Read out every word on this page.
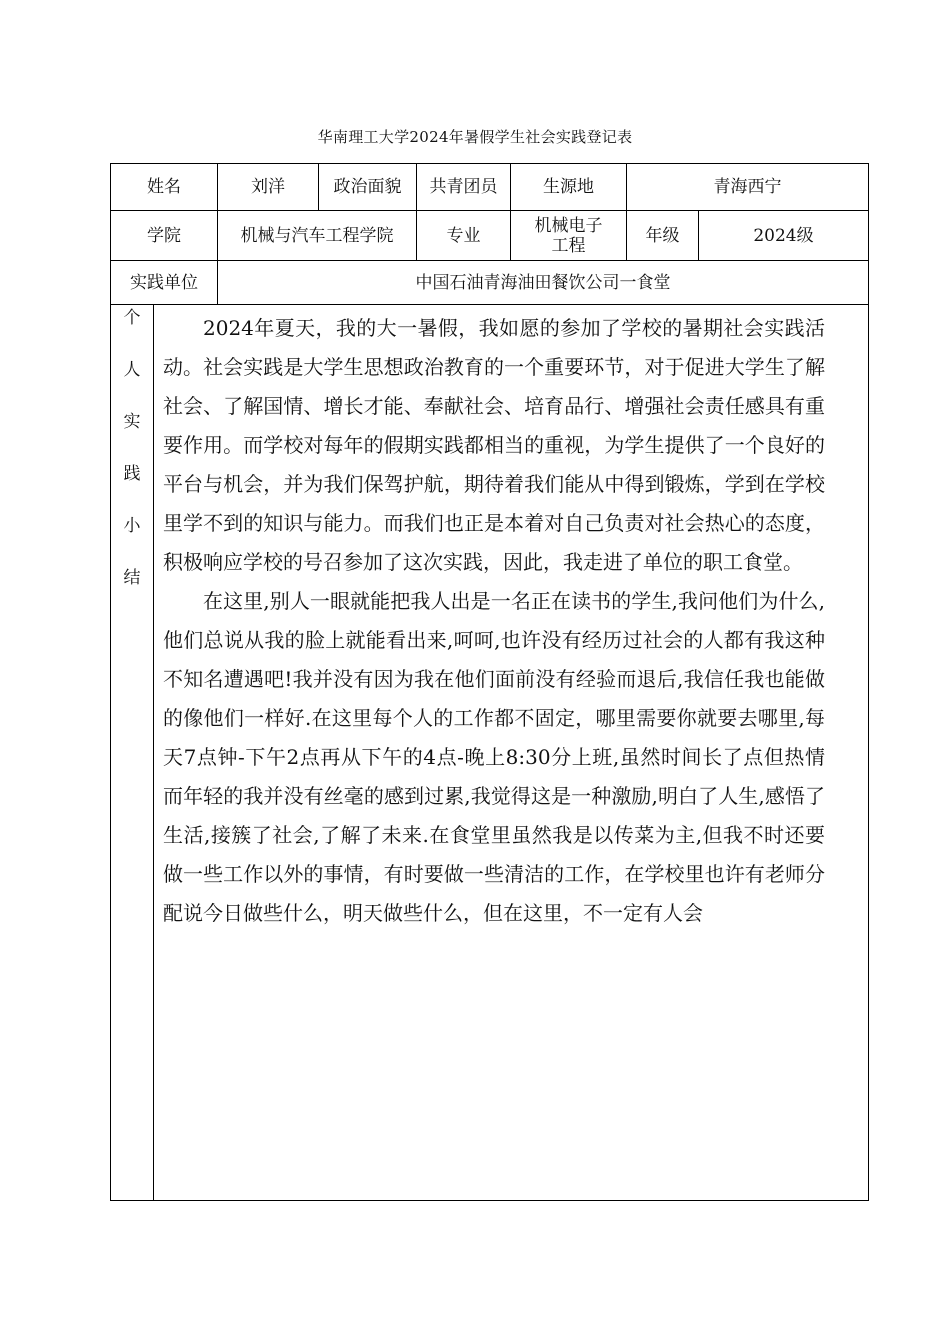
华南理工大学2024年暑假学生社会实践登记表
姓名	刘洋	政治面貌	共青团员	生源地	青海西宁
学院	机械与汽车工程学院	专业	机械电子工程	年级	2024级
实践单位	中国石油青海油田餐饮公司一食堂
个
人
实
践
小
结

2024年夏天，我的大一暑假，我如愿的参加了学校的暑期社会实践活动。社会实践是大学生思想政治教育的一个重要环节，对于促进大学生了解社会、了解国情、增长才能、奉献社会、培育品行、增强社会责任感具有重要作用。而学校对每年的假期实践都相当的重视，为学生提供了一个良好的平台与机会，并为我们保驾护航，期待着我们能从中得到锻炼，学到在学校里学不到的知识与能力。而我们也正是本着对自己负责对社会热心的态度，积极响应学校的号召参加了这次实践，因此，我走进了单位的职工食堂。

在这里,别人一眼就能把我人出是一名正在读书的学生,我问他们为什么,他们总说从我的脸上就能看出来,呵呵,也许没有经历过社会的人都有我这种不知名遭遇吧!我并没有因为我在他们面前没有经验而退后,我信任我也能做的像他们一样好.在这里每个人的工作都不固定，哪里需要你就要去哪里,每天7点钟-下午2点再从下午的4点-晚上8:30分上班,虽然时间长了点但热情而年轻的我并没有丝毫的感到过累,我觉得这是一种激励,明白了人生,感悟了生活,接簇了社会,了解了未来.在食堂里虽然我是以传菜为主,但我不时还要做一些工作以外的事情，有时要做一些清洁的工作，在学校里也许有老师分配说今日做些什么，明天做些什么，但在这里，不一定有人会
